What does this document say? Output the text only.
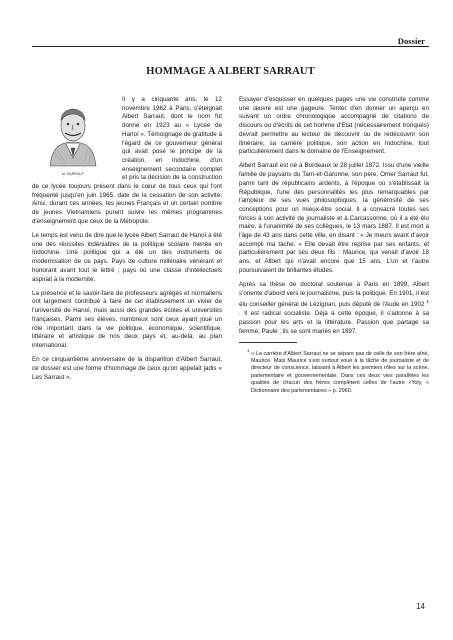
Dossier
HOMMAGE A ALBERT SARRAUT
M. SARRAUT

Il y a cinquante ans, le 12 novembre 1962 à Paris, s'éteignait Albert Sarraut, dont le nom fut donné en 1923 au « Lycée de Hanoï ». Témoignage de gratitude à l'égard de ce gouverneur général qui avait posé le principe de la création, en Indochine, d'un enseignement secondaire complet et pris la décision de la construction de ce lycée toujours présent dans le cœur de tous ceux qui l'ont fréquenté jusqu'en juin 1965, date de la cessation de son activité. Ainsi, durant ces années, les jeunes Français et un certain nombre de jeunes Vietnamiens purent suivre les mêmes programmes d'enseignement que ceux de la Métropole.

Le temps est venu de dire que le lycée Albert Sarraut de Hanoï a été une des réussites indéniables de la politique scolaire menée en Indochine. Une politique qui a été un des instruments de modernisation de ce pays. Pays de culture millénaire vénérant et honorant avant tout le lettré ; pays où une classe d'intellectuels aspirait à la modernité.

La présence et le savoir-faire de professeurs agrégés et normaliens ont largement contribué à faire de cet établissement un vivier de l'université de Hanoï, mais aussi des grandes écoles et universités françaises. Parmi ses élèves, nombreux sont ceux ayant joué un rôle important dans la vie politique, économique, scientifique, littéraire et artistique de nos deux pays et, au-delà, au plan international.

En ce cinquantième anniversaire de la disparition d'Albert Sarraut, ce dossier est une forme d'hommage de ceux qu'on appelait jadis « Les Sarraut ».

Essayer d'esquisser en quelques pages une vie construite comme une œuvre est une gageure. Tenter d'en donner un aperçu en suivant un ordre chronologique accompagné de citations de discours ou d'écrits de cet homme d'Etat (nécessairement tronqués) devrait permettre au lecteur de découvrir ou de redécouvrir son itinéraire, sa carrière politique, son action en Indochine, tout particulièrement dans le domaine de l'Enseignement.

Albert Sarraut est né à Bordeaux le 28 juillet 1872. Issu d'une vieille famille de paysans du Tarn-et-Garonne, son père, Omer Sarraut fut, parmi tant de républicains ardents, à l'époque où s'établissait la République, l'une des personnalités les plus remarquables par l'ampleur de ses vues philosophiques, la générosité de ses conceptions pour un mieux-être social. Il a consacré toutes ses forces à son activité de journaliste et à Carcassonne, où il a été élu maire, à l'unanimité de ses collègues, le 13 mars 1887. Il est mort à l'âge de 43 ans dans cette ville, en disant : « Je meurs avant d'avoir accompli ma tâche. » Elle devait être reprise par ses enfants, et particulièrement par ses deux fils : Maurice, qui venait d'avoir 18 ans, et Albert qui n'avait encore que 15 ans. L'un et l'autre poursuivaient de brillantes études.

Après sa thèse de doctorat soutenue à Paris en 1899, Albert s'oriente d'abord vers le journalisme, puis la politique. En 1901, il est élu conseiller général de Lézignan, puis député de l'Aude en 1902 $^1$ . Il est radical socialiste. Déjà à cette époque, il s'adonne à sa passion pour les arts et la littérature. Passion que partage sa femme, Paule ; ils se sont mariés en 1897.

$^1$ « La carrière d'Albert Sarraut ne se sépare pas de celle de son frère aîné, Maurice. Mais Maurice s'est surtout voué à la tâche de journaliste et de directeur de conscience, laissant à Albert les premiers rôles sur la scène, parlementaire et gouvernementale. Dans ces deux vies parallèles les qualités de chacun des frères complètent celles de l'autre »Yoly, « Dictionnaire des parlementaires » p. 2960.
14
